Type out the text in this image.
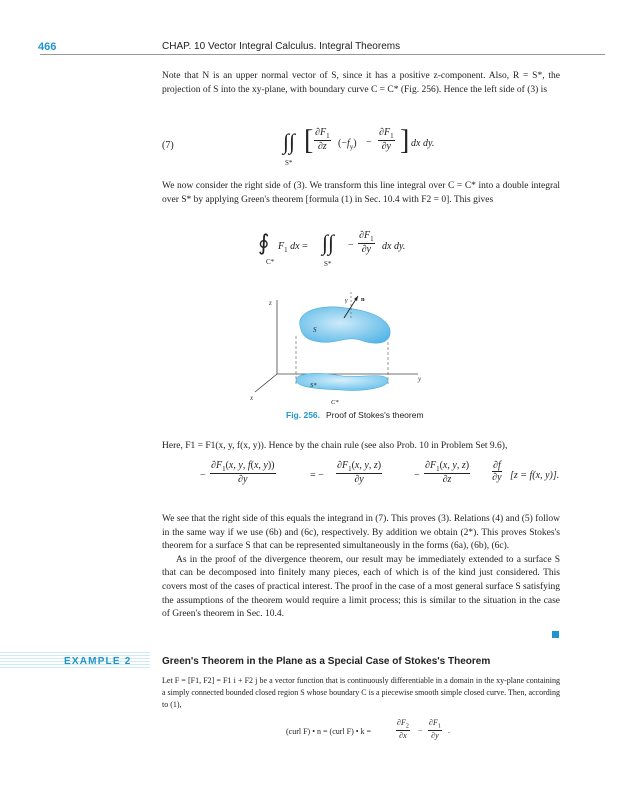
466	CHAP. 10 Vector Integral Calculus. Integral Theorems

Note that N is an upper normal vector of S, since it has a positive z-component. Also, R = S*, the projection of S into the xy-plane, with boundary curve C = C* (Fig. 256). Hence the left side of (3) is

(7)	∫∫
S*
[ $\frac{\partial F_1}{\partial z} (-f_y) - \frac{\partial F_1}{\partial y}$ ] dx dy.

We now consider the right side of (3). We transform this line integral over C = C* into a double integral over S* by applying Green's theorem [formula (1) in Sec. 10.4 with F2 = 0]. This gives

∮
C*
$F_1$ dx = ∫∫
S*
− $\frac{\partial F_1}{\partial y}$ dx dy.
z
y
x
n
γ
S
S*
C*
Fig. 256. Proof of Stokes's theorem

Here, F1 = F1(x, y, f(x, y)). Hence by the chain rule (see also Prob. 10 in Problem Set 9.6),

− $\frac{\partial F_1(x, y, f(x, y))}{\partial y}$	= − $\frac{\partial F_1(x, y, z)}{\partial y}$	− $\frac{\partial F_1(x, y, z)}{\partial z} \frac{\partial f}{\partial y} [z = f(x$, y)].

We see that the right side of this equals the integrand in (7). This proves (3). Relations (4) and (5) follow in the same way if we use (6b) and (6c), respectively. By addition we obtain (2*). This proves Stokes's theorem for a surface S that can be represented simultaneously in the forms (6a), (6b), (6c).

As in the proof of the divergence theorem, our result may be immediately extended to a surface S that can be decomposed into finitely many pieces, each of which is of the kind just considered. This covers most of the cases of practical interest. The proof in the case of a most general surface S satisfying the assumptions of the theorem would require a limit process; this is similar to the situation in the case of Green's theorem in Sec. 10.4.

EXAMPLE 2	Green's Theorem in the Plane as a Special Case of Stokes's Theorem
Let F = [F1, F2] = F1 i + F2 j be a vector function that is continuously differentiable in a domain in the xy-plane containing a simply connected bounded closed region S whose boundary C is a piecewise smooth simple closed curve. Then, according to (1),
(curl F) • n = (curl F) • k =	$\frac{\partial F_2}{\partial x} - \frac{\partial F_1}{\partial y}$ .
